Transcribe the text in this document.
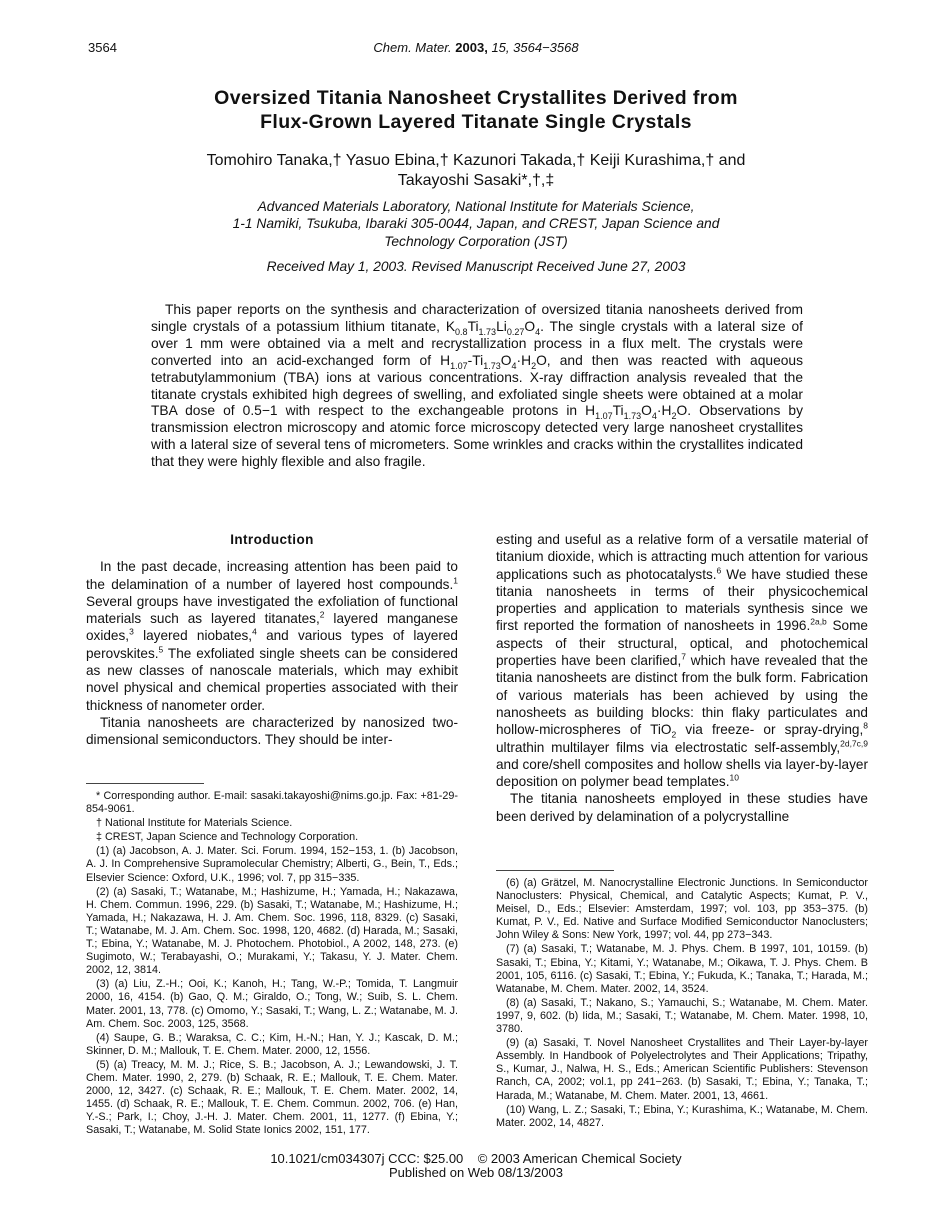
3564	Chem. Mater. 2003, 15, 3564−3568
Oversized Titania Nanosheet Crystallites Derived from
Flux-Grown Layered Titanate Single Crystals
Tomohiro Tanaka,† Yasuo Ebina,† Kazunori Takada,† Keiji Kurashima,† and
Takayoshi Sasaki*,†,‡
Advanced Materials Laboratory, National Institute for Materials Science,
1-1 Namiki, Tsukuba, Ibaraki 305-0044, Japan, and CREST, Japan Science and
Technology Corporation (JST)
Received May 1, 2003. Revised Manuscript Received June 27, 2003
This paper reports on the synthesis and characterization of oversized titania nanosheets derived from single crystals of a potassium lithium titanate, $K_{0.8}Ti_{1.73}Li_{0.27}O_4$. The single crystals with a lateral size of over 1 mm were obtained via a melt and recrystallization process in a flux melt. The crystals were converted into an acid-exchanged form of $H_{1.07}-Ti_{1.73}O_4\cdot H_2O$, and then was reacted with aqueous tetrabutylammonium (TBA) ions at various concentrations. X-ray diffraction analysis revealed that the titanate crystals exhibited high degrees of swelling, and exfoliated single sheets were obtained at a molar TBA dose of 0.5−1 with respect to the exchangeable protons in $H_{1.07}Ti_{1.73}O_4\cdot H_2O$. Observations by transmission electron microscopy and atomic force microscopy detected very large nanosheet crystallites with a lateral size of several tens of micrometers. Some wrinkles and cracks within the crystallites indicated that they were highly flexible and also fragile.
Introduction

In the past decade, increasing attention has been paid to the delamination of a number of layered host compounds.$^1$ Several groups have investigated the exfoliation of functional materials such as layered titanates,$^2$ layered manganese oxides,$^3$ layered niobates,$^4$ and various types of layered perovskites.$^5$ The exfoliated single sheets can be considered as new classes of nanoscale materials, which may exhibit novel physical and chemical properties associated with their thickness of nanometer order.

Titania nanosheets are characterized by nanosized two-dimensional semiconductors. They should be inter-

esting and useful as a relative form of a versatile material of titanium dioxide, which is attracting much attention for various applications such as photocatalysts.$^6$ We have studied these titania nanosheets in terms of their physicochemical properties and application to materials synthesis since we first reported the formation of nanosheets in 1996.$^{2a,b}$ Some aspects of their structural, optical, and photochemical properties have been clarified,$^7$ which have revealed that the titania nanosheets are distinct from the bulk form. Fabrication of various materials has been achieved by using the nanosheets as building blocks: thin flaky particulates and hollow-microspheres of TiO$_2$ via freeze- or spray-drying,$^8$ ultrathin multilayer films via electrostatic self-assembly,$^{2d,7c,9}$ and core/shell composites and hollow shells via layer-by-layer deposition on polymer bead templates.$^{10}$

The titania nanosheets employed in these studies have been derived by delamination of a polycrystalline

* Corresponding author. E-mail: sasaki.takayoshi@nims.go.jp. Fax: +81-29-854-9061.

† National Institute for Materials Science.

‡ CREST, Japan Science and Technology Corporation.

(1) (a) Jacobson, A. J. Mater. Sci. Forum. 1994, 152−153, 1. (b) Jacobson, A. J. In Comprehensive Supramolecular Chemistry; Alberti, G., Bein, T., Eds.; Elsevier Science: Oxford, U.K., 1996; vol. 7, pp 315−335.

(2) (a) Sasaki, T.; Watanabe, M.; Hashizume, H.; Yamada, H.; Nakazawa, H. Chem. Commun. 1996, 229. (b) Sasaki, T.; Watanabe, M.; Hashizume, H.; Yamada, H.; Nakazawa, H. J. Am. Chem. Soc. 1996, 118, 8329. (c) Sasaki, T.; Watanabe, M. J. Am. Chem. Soc. 1998, 120, 4682. (d) Harada, M.; Sasaki, T.; Ebina, Y.; Watanabe, M. J. Photochem. Photobiol., A 2002, 148, 273. (e) Sugimoto, W.; Terabayashi, O.; Murakami, Y.; Takasu, Y. J. Mater. Chem. 2002, 12, 3814.

(3) (a) Liu, Z.-H.; Ooi, K.; Kanoh, H.; Tang, W.-P.; Tomida, T. Langmuir 2000, 16, 4154. (b) Gao, Q. M.; Giraldo, O.; Tong, W.; Suib, S. L. Chem. Mater. 2001, 13, 778. (c) Omomo, Y.; Sasaki, T.; Wang, L. Z.; Watanabe, M. J. Am. Chem. Soc. 2003, 125, 3568.

(4) Saupe, G. B.; Waraksa, C. C.; Kim, H.-N.; Han, Y. J.; Kascak, D. M.; Skinner, D. M.; Mallouk, T. E. Chem. Mater. 2000, 12, 1556.

(5) (a) Treacy, M. M. J.; Rice, S. B.; Jacobson, A. J.; Lewandowski, J. T. Chem. Mater. 1990, 2, 279. (b) Schaak, R. E.; Mallouk, T. E. Chem. Mater. 2000, 12, 3427. (c) Schaak, R. E.; Mallouk, T. E. Chem. Mater. 2002, 14, 1455. (d) Schaak, R. E.; Mallouk, T. E. Chem. Commun. 2002, 706. (e) Han, Y.-S.; Park, I.; Choy, J.-H. J. Mater. Chem. 2001, 11, 1277. (f) Ebina, Y.; Sasaki, T.; Watanabe, M. Solid State Ionics 2002, 151, 177.

(6) (a) Grätzel, M. Nanocrystalline Electronic Junctions. In Semiconductor Nanoclusters: Physical, Chemical, and Catalytic Aspects; Kumat, P. V., Meisel, D., Eds.; Elsevier: Amsterdam, 1997; vol. 103, pp 353−375. (b) Kumat, P. V., Ed. Native and Surface Modified Semiconductor Nanoclusters; John Wiley & Sons: New York, 1997; vol. 44, pp 273−343.

(7) (a) Sasaki, T.; Watanabe, M. J. Phys. Chem. B 1997, 101, 10159. (b) Sasaki, T.; Ebina, Y.; Kitami, Y.; Watanabe, M.; Oikawa, T. J. Phys. Chem. B 2001, 105, 6116. (c) Sasaki, T.; Ebina, Y.; Fukuda, K.; Tanaka, T.; Harada, M.; Watanabe, M. Chem. Mater. 2002, 14, 3524.

(8) (a) Sasaki, T.; Nakano, S.; Yamauchi, S.; Watanabe, M. Chem. Mater. 1997, 9, 602. (b) Iida, M.; Sasaki, T.; Watanabe, M. Chem. Mater. 1998, 10, 3780.

(9) (a) Sasaki, T. Novel Nanosheet Crystallites and Their Layer-by-layer Assembly. In Handbook of Polyelectrolytes and Their Applications; Tripathy, S., Kumar, J., Nalwa, H. S., Eds.; American Scientific Publishers: Stevenson Ranch, CA, 2002; vol.1, pp 241−263. (b) Sasaki, T.; Ebina, Y.; Tanaka, T.; Harada, M.; Watanabe, M. Chem. Mater. 2001, 13, 4661.

(10) Wang, L. Z.; Sasaki, T.; Ebina, Y.; Kurashima, K.; Watanabe, M. Chem. Mater. 2002, 14, 4827.

10.1021/cm034307j CCC: $25.00    © 2003 American Chemical Society
Published on Web 08/13/2003
